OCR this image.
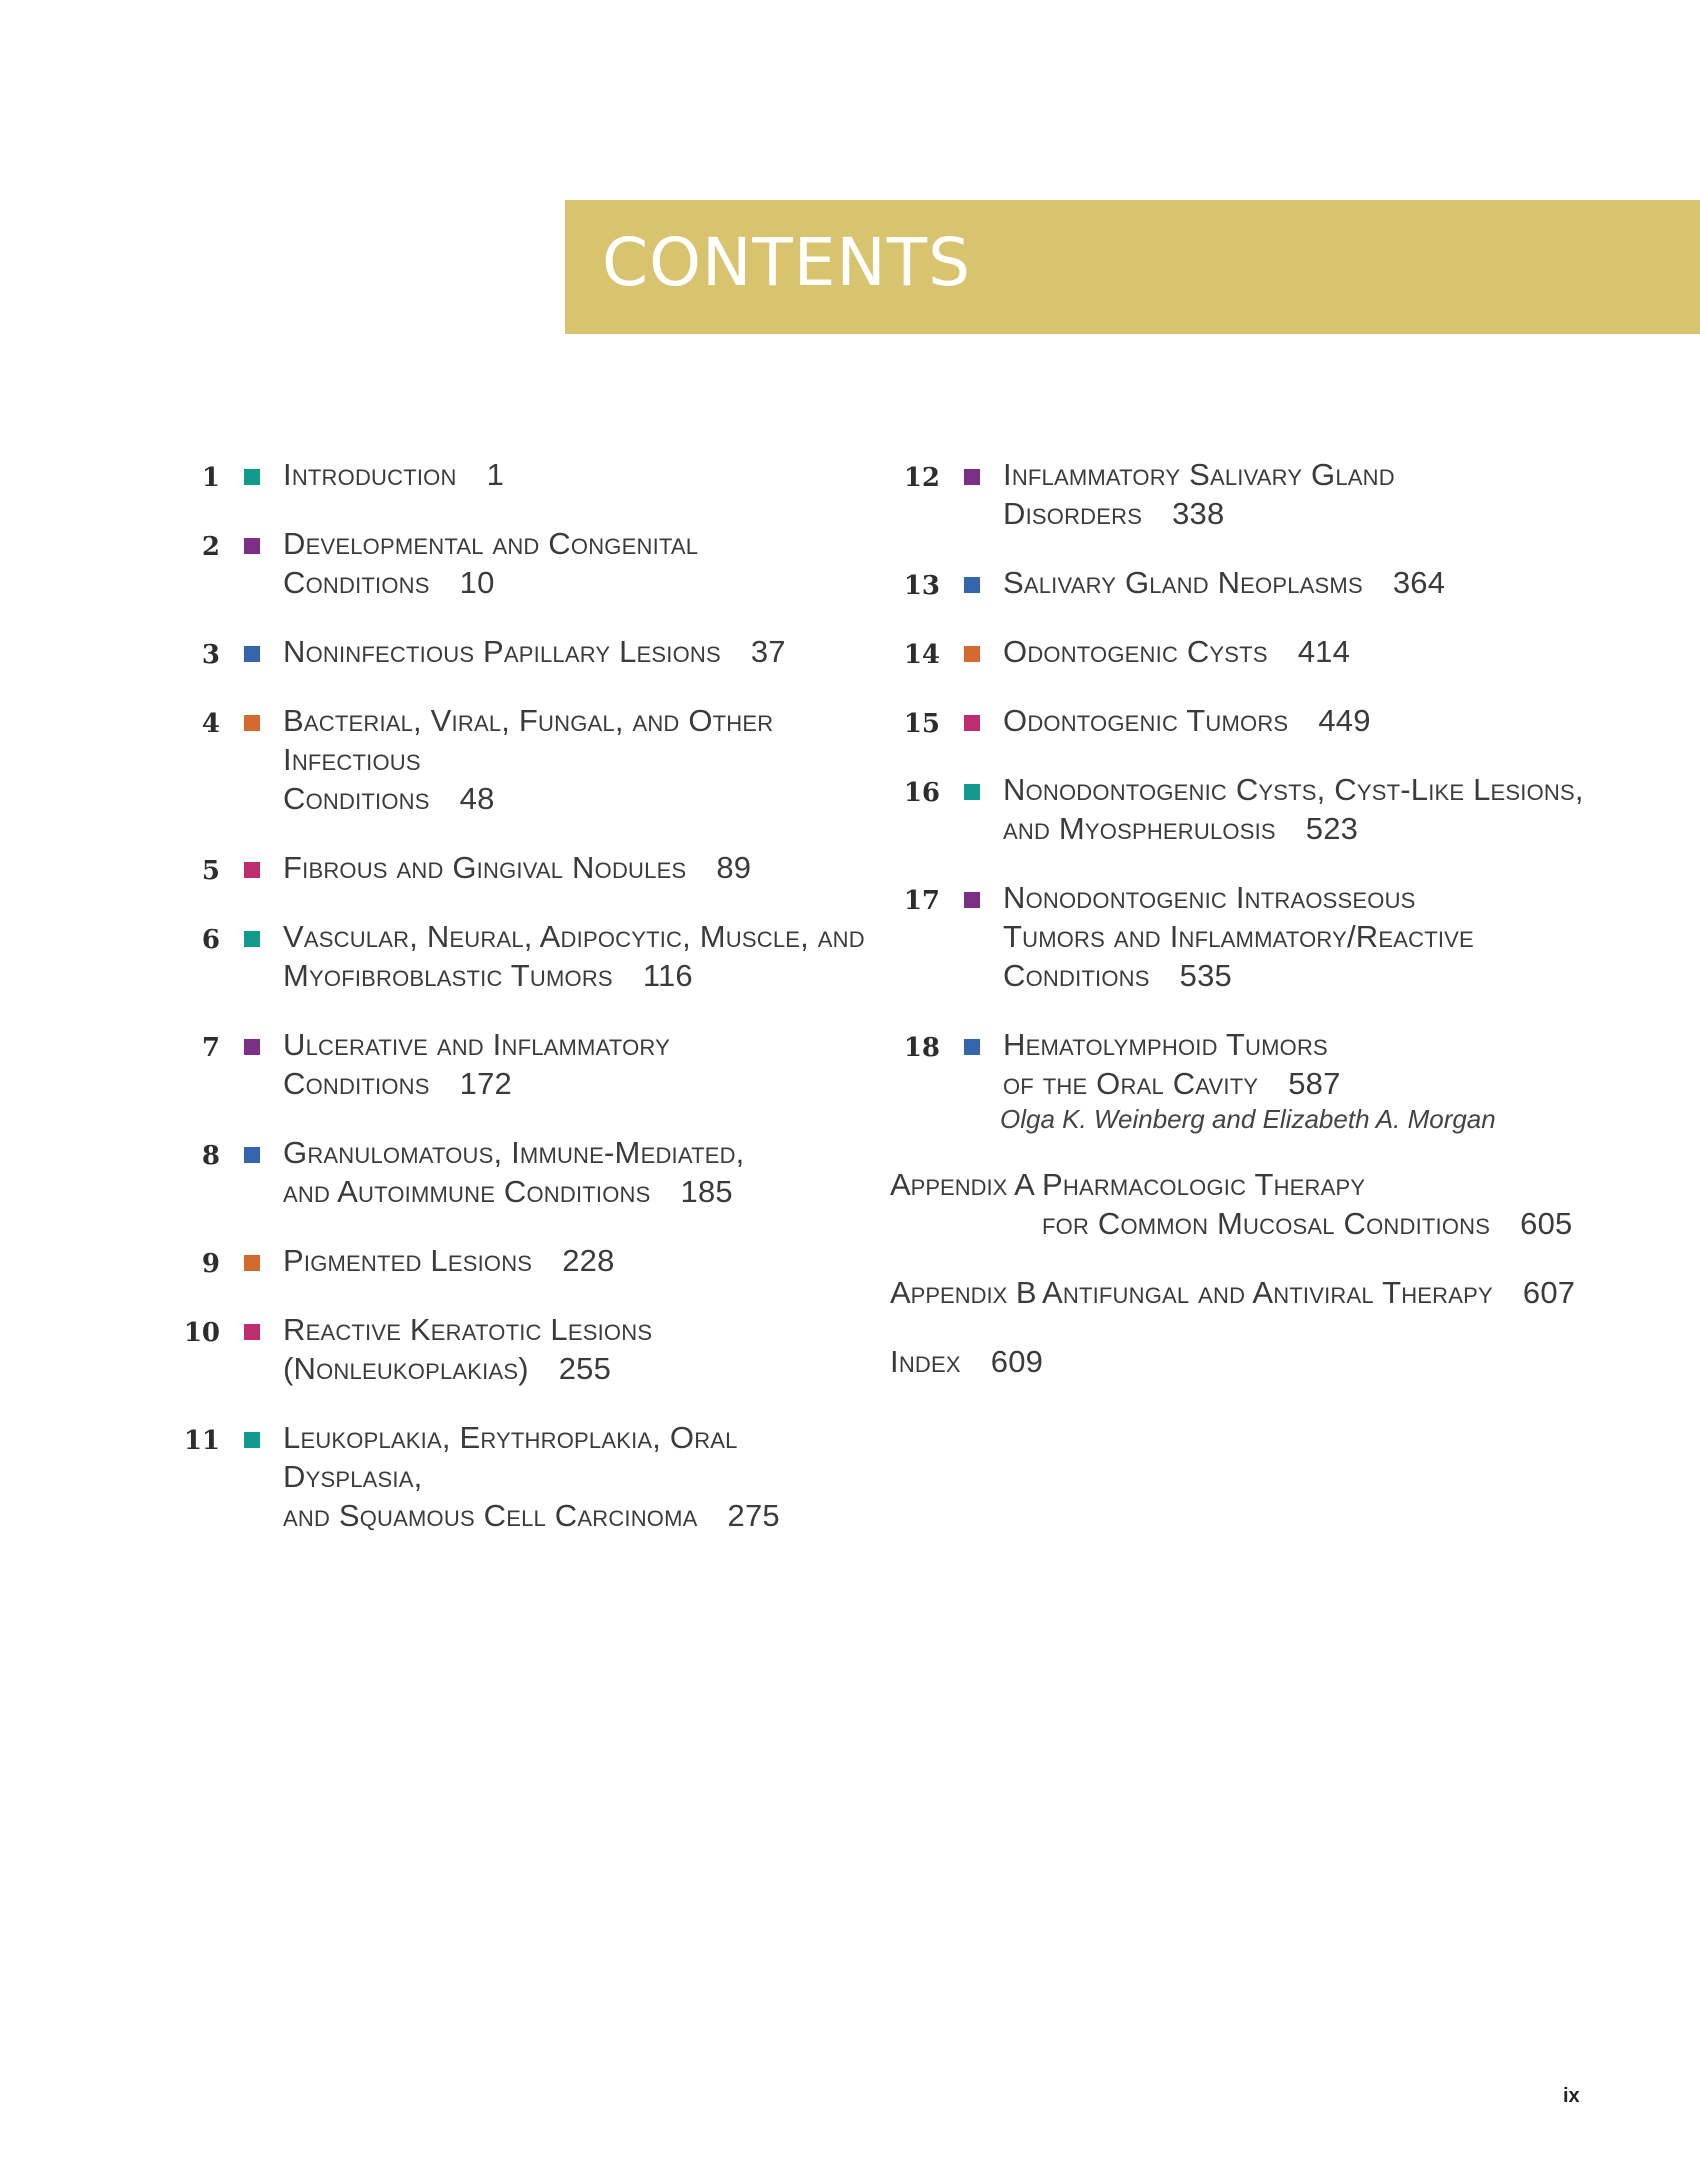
CONTENTS
1 Introduction 1
2 Developmental and Congenital
Conditions 10
3 Noninfectious Papillary Lesions 37
4 Bacterial, Viral, Fungal, and Other Infectious
Conditions 48
5 Fibrous and Gingival Nodules 89
6 Vascular, Neural, Adipocytic, Muscle, and
Myofibroblastic Tumors 116
7 Ulcerative and Inflammatory
Conditions 172
8 Granulomatous, Immune-Mediated,
and Autoimmune Conditions 185
9 Pigmented Lesions 228
10 Reactive Keratotic Lesions
(Nonleukoplakias) 255
11 Leukoplakia, Erythroplakia, Oral Dysplasia,
and Squamous Cell Carcinoma 275
12 Inflammatory Salivary Gland
Disorders 338
13 Salivary Gland Neoplasms 364
14 Odontogenic Cysts 414
15 Odontogenic Tumors 449
16 Nonodontogenic Cysts, Cyst-Like Lesions,
and Myospherulosis 523
17 Nonodontogenic Intraosseous
Tumors and Inflammatory/Reactive
Conditions 535
18 Hematolymphoid Tumors
of the Oral Cavity 587
Olga K. Weinberg and Elizabeth A. Morgan
Appendix A Pharmacologic Therapy
for Common Mucosal Conditions 605
Appendix B Antifungal and Antiviral Therapy 607
Index 609
ix
